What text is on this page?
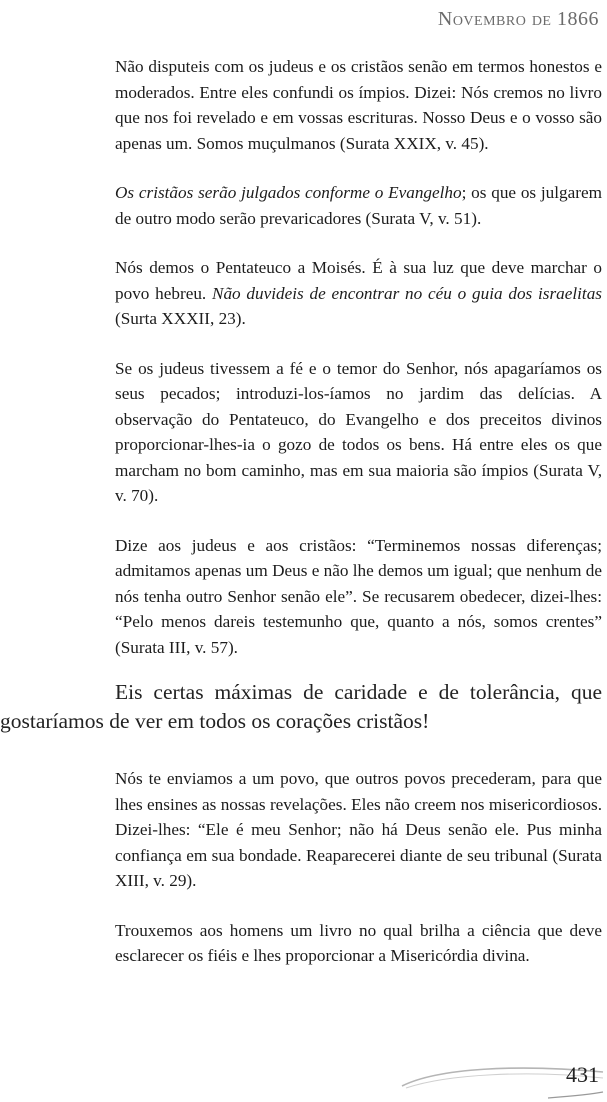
Novembro de 1866

Não disputeis com os judeus e os cristãos senão em termos honestos e moderados. Entre eles confundi os ímpios. Dizei: Nós cremos no livro que nos foi revelado e em vossas escrituras. Nosso Deus e o vosso são apenas um. Somos muçulmanos (Surata XXIX, v. 45).

Os cristãos serão julgados conforme o Evangelho; os que os julgarem de outro modo serão prevaricadores (Surata V, v. 51).

Nós demos o Pentateuco a Moisés. É à sua luz que deve marchar o povo hebreu. Não duvideis de encontrar no céu o guia dos israelitas (Surta XXXII, 23).

Se os judeus tivessem a fé e o temor do Senhor, nós apagaríamos os seus pecados; introduzi-los-íamos no jardim das delícias. A observação do Pentateuco, do Evangelho e dos preceitos divinos proporcionar-lhes-ia o gozo de todos os bens. Há entre eles os que marcham no bom caminho, mas em sua maioria são ímpios (Surata V, v. 70).

Dize aos judeus e aos cristãos: “Terminemos nossas diferenças; admitamos apenas um Deus e não lhe demos um igual; que nenhum de nós tenha outro Senhor senão ele”. Se recusarem obedecer, dizei-lhes: “Pelo menos dareis testemunho que, quanto a nós, somos crentes” (Surata III, v. 57).

Eis certas máximas de caridade e de tolerância, que gostaríamos de ver em todos os corações cristãos!

Nós te enviamos a um povo, que outros povos precederam, para que lhes ensines as nossas revelações. Eles não creem nos misericordiosos. Dizei-lhes: “Ele é meu Senhor; não há Deus senão ele. Pus minha confiança em sua bondade. Reaparecerei diante de seu tribunal (Surata XIII, v. 29).

Trouxemos aos homens um livro no qual brilha a ciência que deve esclarecer os fiéis e lhes proporcionar a Misericórdia divina.

431
